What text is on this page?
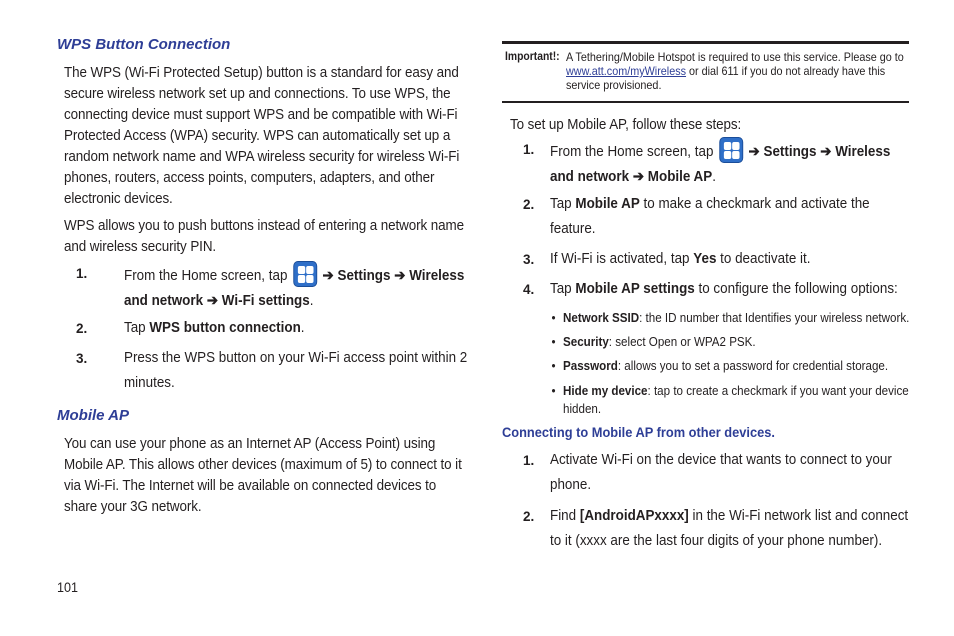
WPS Button Connection
The WPS (Wi-Fi Protected Setup) button is a standard for easy and secure wireless network set up and connections. To use WPS, the connecting device must support WPS and be compatible with Wi-Fi Protected Access (WPA) security. WPS can automatically set up a random network name and WPA wireless security for wireless Wi-Fi phones, routers, access points, computers, adapters, and other electronic devices.
WPS allows you to push buttons instead of entering a network name and wireless security PIN.
1.	From the Home screen, tap ➔ Settings ➔ Wireless and network ➔ Wi-Fi settings.
2.	Tap WPS button connection.
3.	Press the WPS button on your Wi-Fi access point within 2 minutes.
Mobile AP
You can use your phone as an Internet AP (Access Point) using Mobile AP. This allows other devices (maximum of 5) to connect to it via Wi-Fi. The Internet will be available on connected devices to share your 3G network.
Important!: A Tethering/Mobile Hotspot is required to use this service. Please go to www.att.com/myWireless or dial 611 if you do not already have this service provisioned.
To set up Mobile AP, follow these steps:
1. From the Home screen, tap ➔ Settings ➔ Wireless and network ➔ Mobile AP.
2. Tap Mobile AP to make a checkmark and activate the feature.
3. If Wi-Fi is activated, tap Yes to deactivate it.
4. Tap Mobile AP settings to configure the following options:
• Network SSID: the ID number that Identifies your wireless network.
• Security: select Open or WPA2 PSK.
• Password: allows you to set a password for credential storage.
• Hide my device: tap to create a checkmark if you want your device hidden.
Connecting to Mobile AP from other devices.
1. Activate Wi-Fi on the device that wants to connect to your phone.
2. Find [AndroidAPxxxx] in the Wi-Fi network list and connect to it (xxxx are the last four digits of your phone number).
101
